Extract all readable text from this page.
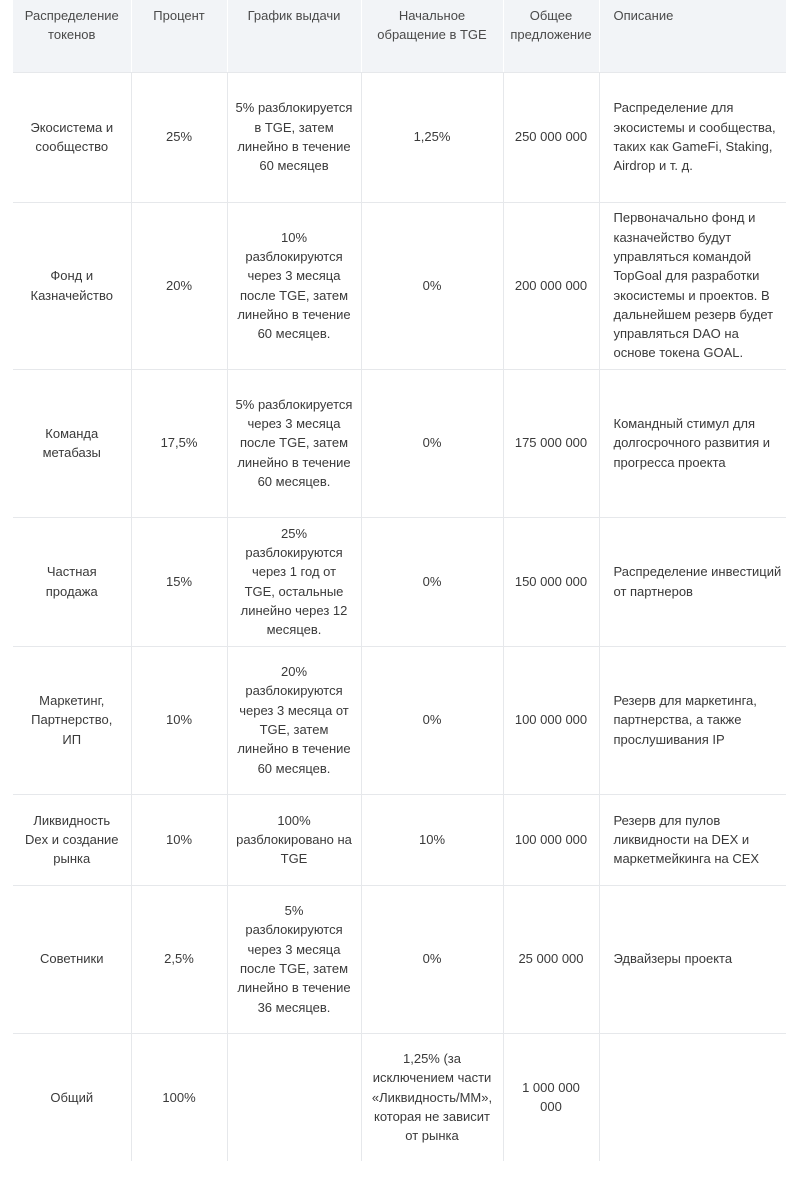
Распределение токенов	Процент	График выдачи	Начальное обращение в TGE	Общее предложение	Описание
Экосистема и сообщество	25%	5% разблокируется в TGE, затем линейно в течение 60 месяцев	1,25%	250 000 000	Распределение для экосистемы и сообщества, таких как GameFi, Staking, Airdrop и т. д.
Фонд и Казначейство	20%	10% разблокируются через 3 месяца после TGE, затем линейно в течение 60 месяцев.	0%	200 000 000	Первоначально фонд и казначейство будут управляться командой TopGoal для разработки экосистемы и проектов. В дальнейшем резерв будет управляться DAO на основе токена GOAL.
Команда метабазы	17,5%	5% разблокируется через 3 месяца после TGE, затем линейно в течение 60 месяцев.	0%	175 000 000	Командный стимул для долгосрочного развития и прогресса проекта
Частная продажа	15%	25% разблокируются через 1 год от TGE, остальные линейно через 12 месяцев.	0%	150 000 000	Распределение инвестиций от партнеров
Маркетинг, Партнерство, ИП	10%	20% разблокируются через 3 месяца от TGE, затем линейно в течение 60 месяцев.	0%	100 000 000	Резерв для маркетинга, партнерства, а также прослушивания IP
Ликвидность Dex и создание рынка	10%	100% разблокировано на TGE	10%	100 000 000	Резерв для пулов ликвидности на DEX и маркетмейкинга на CEX
Советники	2,5%	5% разблокируются через 3 месяца после TGE, затем линейно в течение 36 месяцев.	0%	25 000 000	Эдвайзеры проекта
Общий	100%		1,25% (за исключением части «Ликвидность/ММ», которая не зависит от рынка	1 000 000 000	
